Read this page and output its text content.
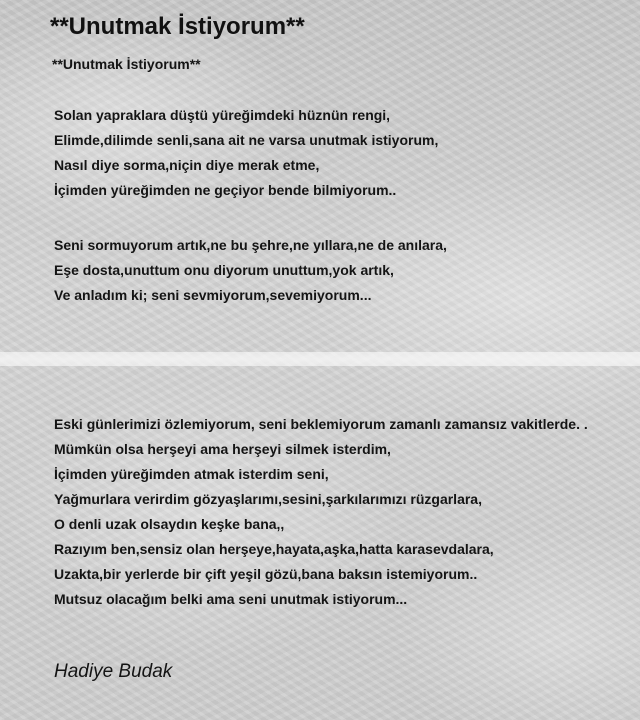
**Unutmak İstiyorum**

**Unutmak İstiyorum**

Solan yapraklara düştü yüreğimdeki hüznün rengi,
Elimde,dilimde senli,sana ait ne varsa unutmak istiyorum,
Nasıl diye sorma,niçin diye merak etme,
İçimden yüreğimden ne geçiyor bende bilmiyorum..
Seni sormuyorum artık,ne bu şehre,ne yıllara,ne de anılara,
Eşe dosta,unuttum onu diyorum unuttum,yok artık,
Ve anladım ki; seni sevmiyorum,sevemiyorum...
Eski günlerimizi özlemiyorum, seni beklemiyorum zamanlı zamansız vakitlerde. .
Mümkün olsa herşeyi ama herşeyi silmek isterdim,
İçimden yüreğimden atmak isterdim seni,
Yağmurlara verirdim gözyaşlarımı,sesini,şarkılarımızı rüzgarlara,
O denli uzak olsaydın keşke bana,,
Razıyım ben,sensiz olan herşeye,hayata,aşka,hatta karasevdalara,
Uzakta,bir yerlerde bir çift yeşil gözü,bana baksın istemiyorum..
Mutsuz olacağım belki ama seni unutmak istiyorum...

Hadiye Budak
